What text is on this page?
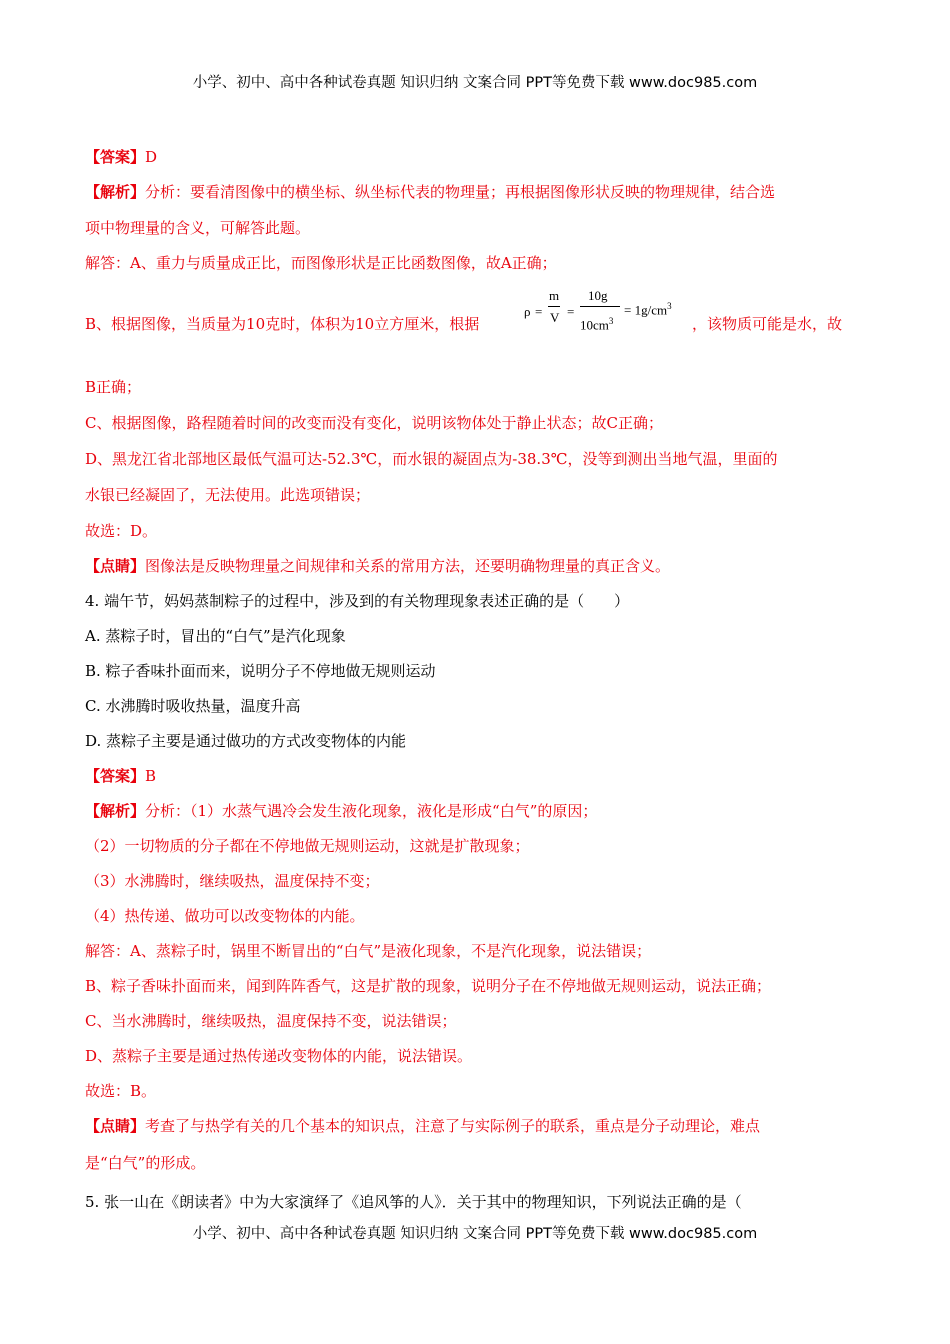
小学、初中、高中各种试卷真题 知识归纳 文案合同 PPT等免费下载 www.doc985.com
【答案】D
【解析】分析：要看清图像中的横坐标、纵坐标代表的物理量；再根据图像形状反映的物理规律，结合选
项中物理量的含义，可解答此题。
解答：A、重力与质量成正比，而图像形状是正比函数图像，故A正确；
B、根据图像，当质量为10克时，体积为10立方厘米，根据
ρ =
m
V =
10g
$10cm^3$
= $1g/cm^3$
，该物质可能是水，故
B正确；
C、根据图像，路程随着时间的改变而没有变化，说明该物体处于静止状态；故C正确；
D、黑龙江省北部地区最低气温可达-52.3℃，而水银的凝固点为-38.3℃，没等到测出当地气温，里面的
水银已经凝固了，无法使用。此选项错误；
故选：D。
【点睛】图像法是反映物理量之间规律和关系的常用方法，还要明确物理量的真正含义。
4. 端午节，妈妈蒸制粽子的过程中，涉及到的有关物理现象表述正确的是（　　）
A. 蒸粽子时，冒出的“白气”是汽化现象
B. 粽子香味扑面而来，说明分子不停地做无规则运动
C. 水沸腾时吸收热量，温度升高
D. 蒸粽子主要是通过做功的方式改变物体的内能
【答案】B
【解析】分析：（1）水蒸气遇冷会发生液化现象，液化是形成“白气”的原因；
（2）一切物质的分子都在不停地做无规则运动，这就是扩散现象；
（3）水沸腾时，继续吸热，温度保持不变；
（4）热传递、做功可以改变物体的内能。
解答：A、蒸粽子时，锅里不断冒出的“白气”是液化现象，不是汽化现象，说法错误；
B、粽子香味扑面而来，闻到阵阵香气，这是扩散的现象，说明分子在不停地做无规则运动，说法正确；
C、当水沸腾时，继续吸热，温度保持不变，说法错误；
D、蒸粽子主要是通过热传递改变物体的内能，说法错误。
故选：B。
【点睛】考查了与热学有关的几个基本的知识点，注意了与实际例子的联系，重点是分子动理论，难点
是“白气”的形成。
5. 张一山在《朗读者》中为大家演绎了《追风筝的人》．关于其中的物理知识，下列说法正确的是（
小学、初中、高中各种试卷真题 知识归纳 文案合同 PPT等免费下载 www.doc985.com
